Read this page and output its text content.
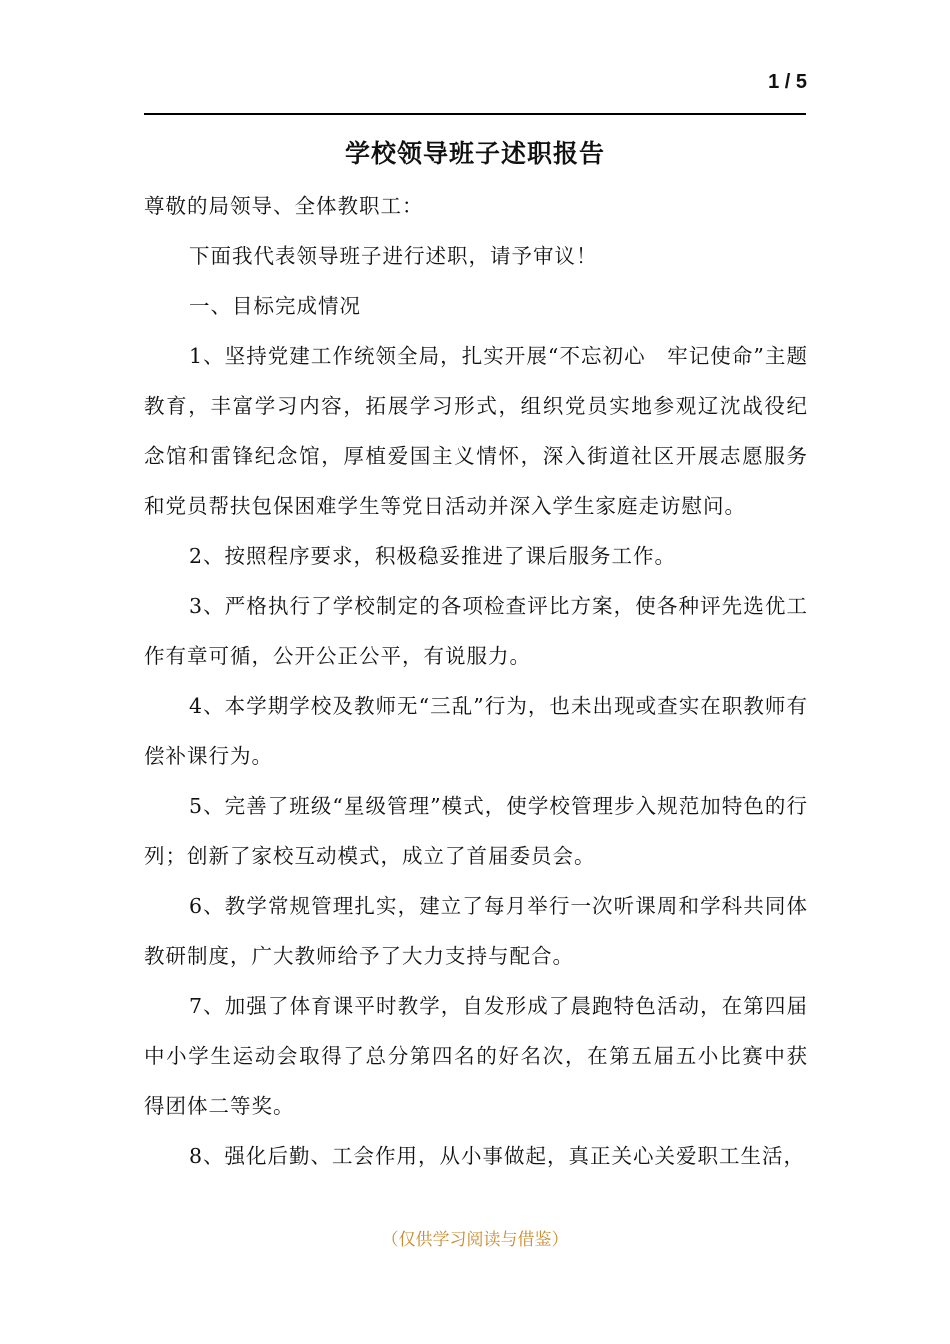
1 / 5
学校领导班子述职报告

尊敬的局领导、全体教职工：

下面我代表领导班子进行述职，请予审议！

一、目标完成情况

1、坚持党建工作统领全局，扎实开展“不忘初心　牢记使命”主题教育，丰富学习内容，拓展学习形式，组织党员实地参观辽沈战役纪念馆和雷锋纪念馆，厚植爱国主义情怀，深入街道社区开展志愿服务和党员帮扶包保困难学生等党日活动并深入学生家庭走访慰问。

2、按照程序要求，积极稳妥推进了课后服务工作。

3、严格执行了学校制定的各项检查评比方案，使各种评先选优工作有章可循，公开公正公平，有说服力。

4、本学期学校及教师无“三乱”行为，也未出现或查实在职教师有偿补课行为。

5、完善了班级“星级管理”模式，使学校管理步入规范加特色的行列；创新了家校互动模式，成立了首届委员会。

6、教学常规管理扎实，建立了每月举行一次听课周和学科共同体教研制度，广大教师给予了大力支持与配合。

7、加强了体育课平时教学，自发形成了晨跑特色活动，在第四届中小学生运动会取得了总分第四名的好名次，在第五届五小比赛中获得团体二等奖。

8、强化后勤、工会作用，从小事做起，真正关心关爱职工生活，

（仅供学习阅读与借鉴）
